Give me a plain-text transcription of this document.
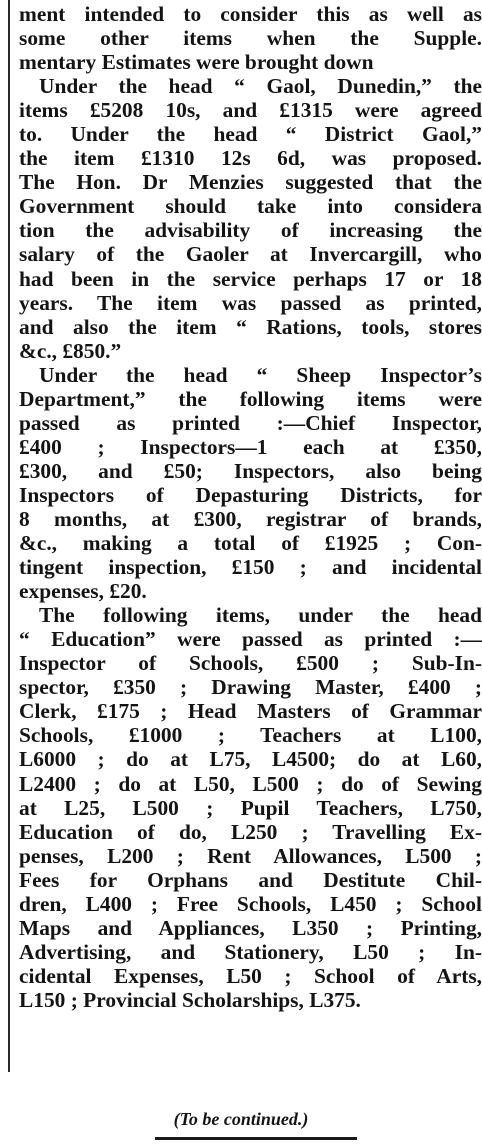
ment intended to consider this as well as
some other items when the Supple.
mentary Estimates were brought down
Under the head “ Gaol, Dunedin,” the
items £5208 10s, and £1315 were agreed
to. Under the head “ District Gaol,”
the item £1310 12s 6d, was proposed.
The Hon. Dr Menzies suggested that the
Government should take into considera
tion the advisability of increasing the
salary of the Gaoler at Invercargill, who
had been in the service perhaps 17 or 18
years. The item was passed as printed,
and also the item “ Rations, tools, stores
&c., £850.”
Under the head “ Sheep Inspector’s
Department,” the following items were
passed as printed :—Chief Inspector,
£400 ; Inspectors—1 each at £350,
£300, and £50; Inspectors, also being
Inspectors of Depasturing Districts, for
8 months, at £300, registrar of brands,
&c., making a total of £1925 ; Con-
tingent inspection, £150 ; and incidental
expenses, £20.
The following items, under the head
“ Education” were passed as printed :—
Inspector of Schools, £500 ; Sub-In-
spector, £350 ; Drawing Master, £400 ;
Clerk, £175 ; Head Masters of Grammar
Schools, £1000 ; Teachers at L100,
L6000 ; do at L75, L4500; do at L60,
L2400 ; do at L50, L500 ; do of Sewing
at L25, L500 ; Pupil Teachers, L750,
Education of do, L250 ; Travelling Ex-
penses, L200 ; Rent Allowances, L500 ;
Fees for Orphans and Destitute Chil-
dren, L400 ; Free Schools, L450 ; School
Maps and Appliances, L350 ; Printing,
Advertising, and Stationery, L50 ; In-
cidental Expenses, L50 ; School of Arts,
L150 ; Provincial Scholarships, L375.
(To be continued.)
